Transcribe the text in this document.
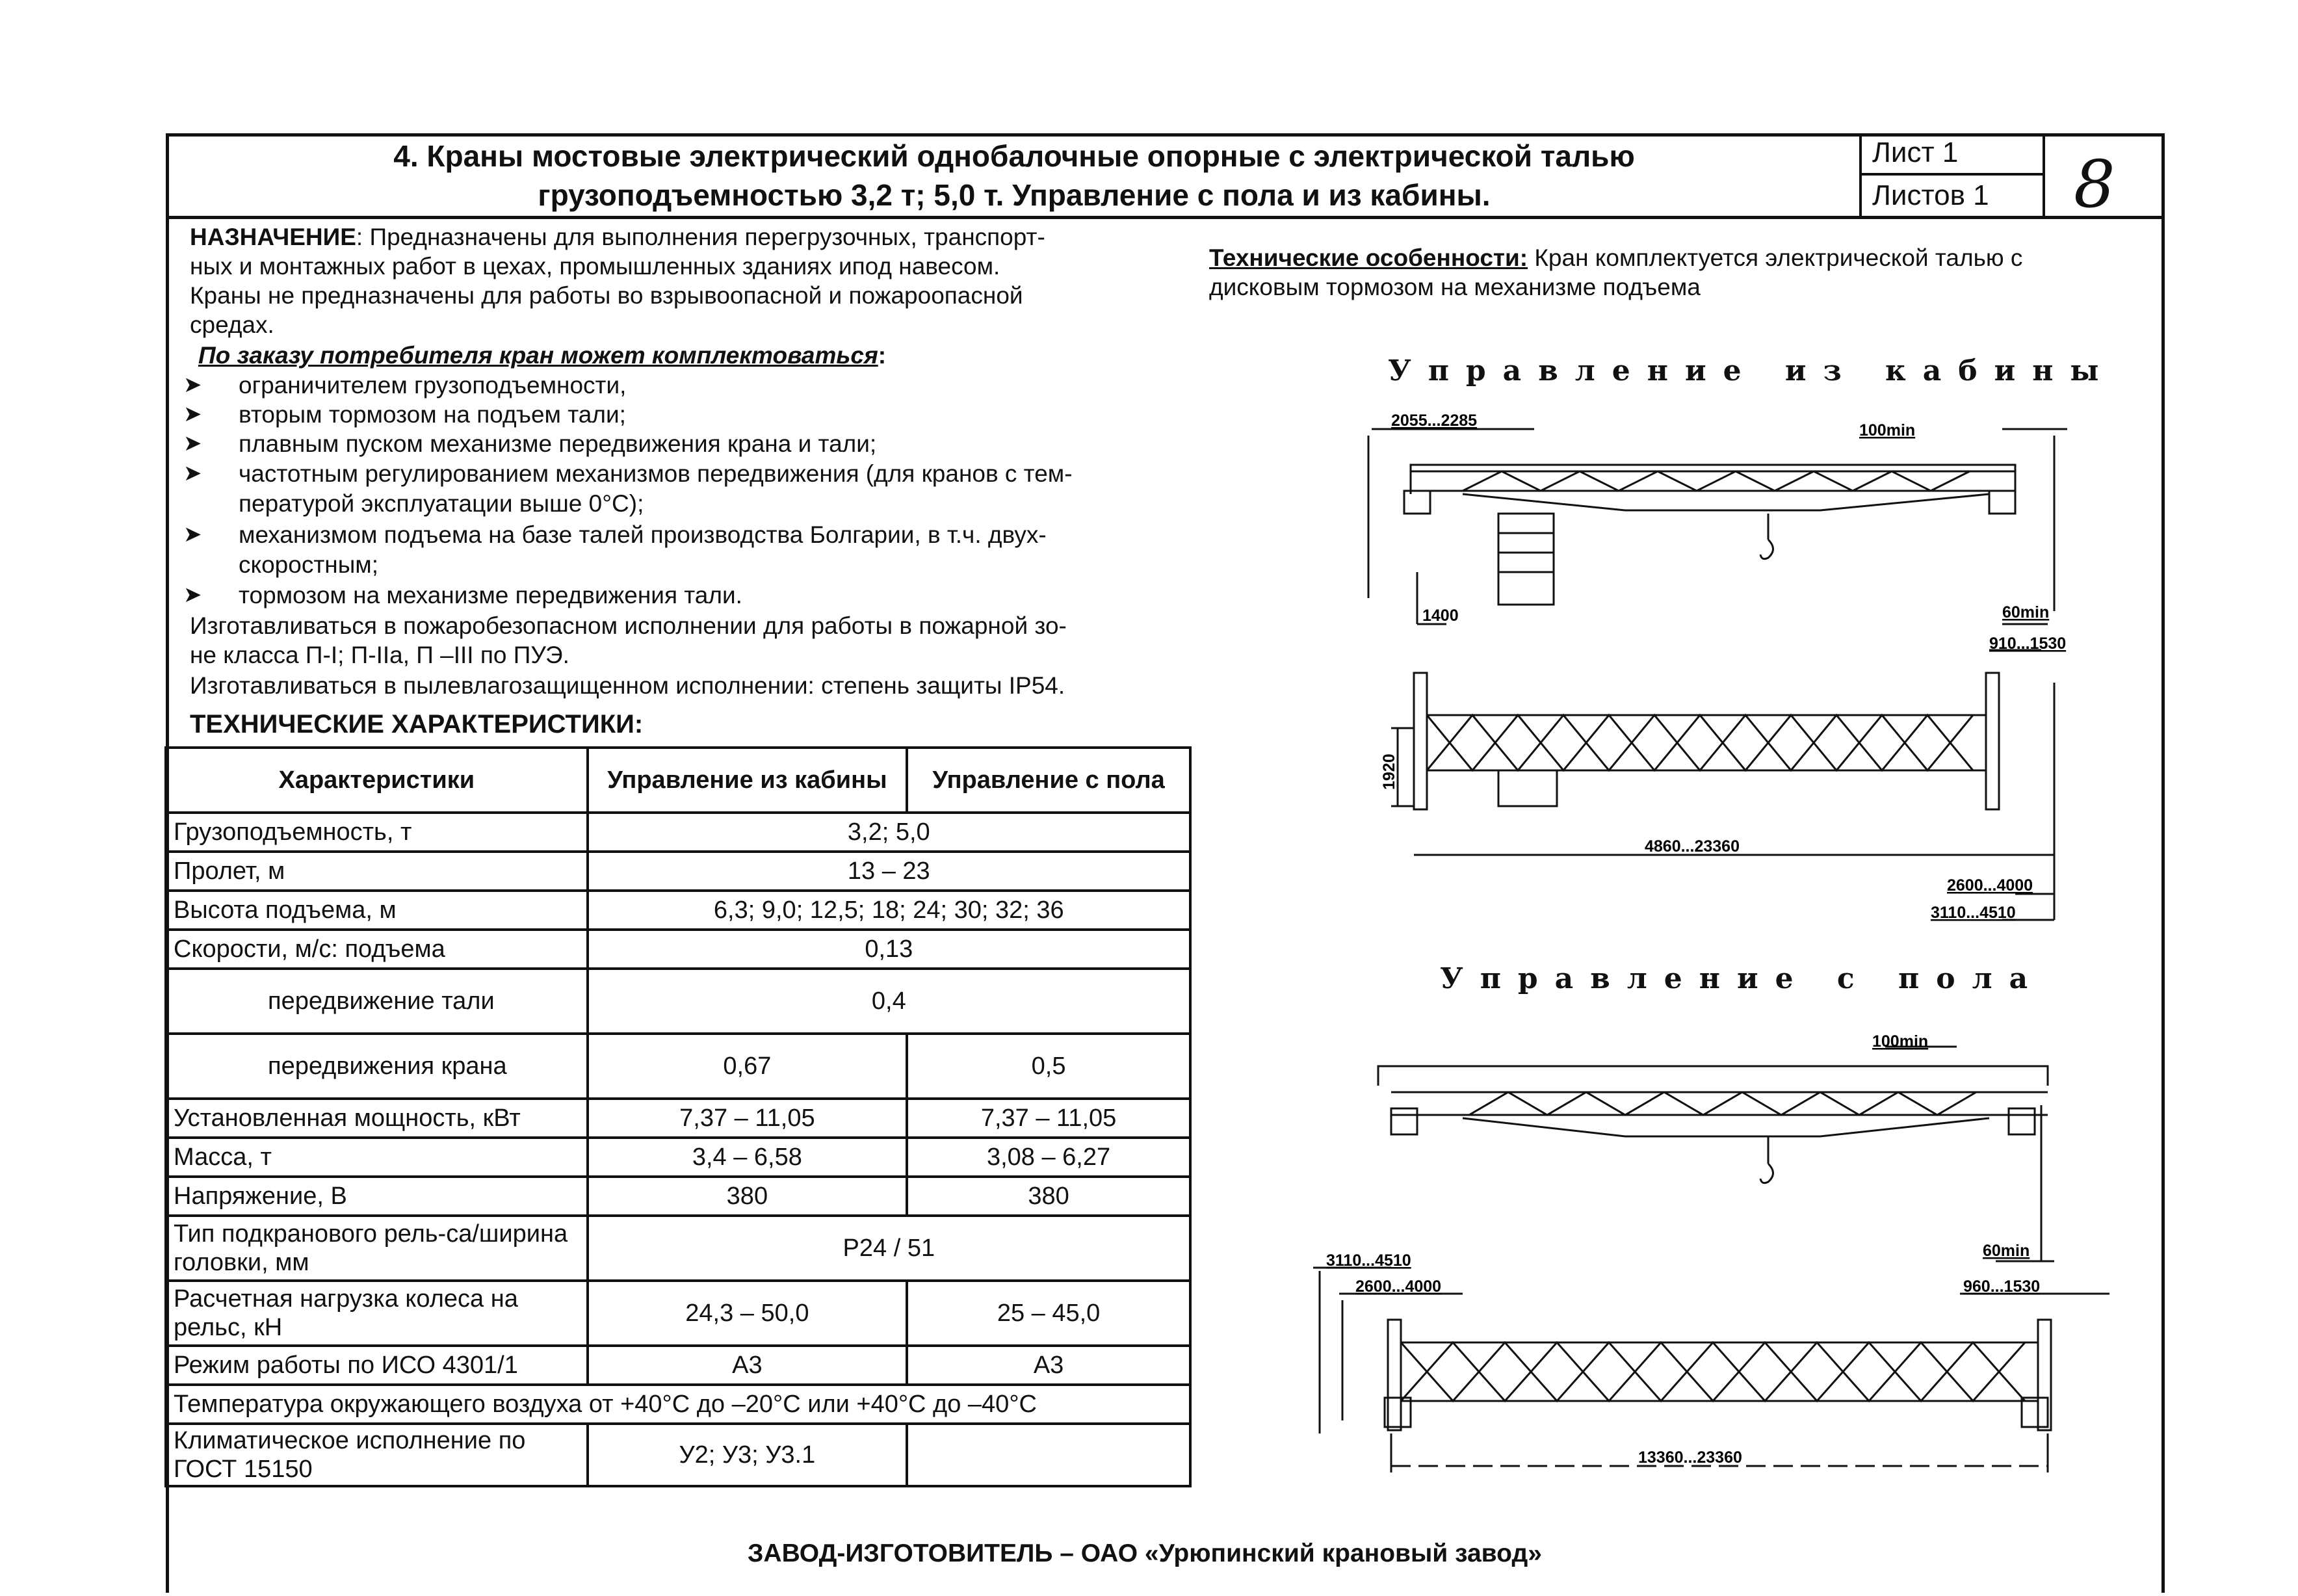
4. Краны мостовые электрический однобалочные опорные с электрической талью
грузоподъемностью 3,2 т; 5,0 т. Управление с пола и из кабины.
Лист 1
Листов 1 8
НАЗНАЧЕНИЕ: Предназначены для выполнения перегрузочных, транспорт-
ных и монтажных работ в цехах, промышленных зданиях ипод навесом.
Краны не предназначены для работы во взрывоопасной и пожароопасной
средах.
По заказу потребителя кран может комплектоваться:
➤ ограничителем грузоподъемности,
➤ вторым тормозом на подъем тали;
➤ плавным пуском механизме передвижения крана и тали;
➤ частотным регулированием механизмов передвижения (для кранов с тем-
пературой эксплуатации выше 0°С);
➤ механизмом подъема на базе талей производства Болгарии, в т.ч. двух-
скоростным;
➤ тормозом на механизме передвижения тали.
Изготавливаться в пожаробезопасном исполнении для работы в пожарной зо-
не класса П-I; П-IIа, П –III по ПУЭ.
Изготавливаться в пылевлагозащищенном исполнении: степень защиты IP54.
ТЕХНИЧЕСКИЕ ХАРАКТЕРИСТИКИ:
Характеристики	Управление из кабины	Управление с пола
Грузоподъемность, т	3,2; 5,0	
Пролет, м	13 – 23	
Высота подъема, м	6,3; 9,0; 12,5; 18; 24; 30; 32; 36	
Скорости, м/с: подъема	0,13	
передвижение тали	0,4	
передвижения крана	0,67	0,5
Установленная мощность, кВт	7,37 – 11,05	7,37 – 11,05
Масса, т	3,4 – 6,58	3,08 – 6,27
Напряжение, В	380	380
Тип подкранового рель-са/ширина головки, мм	Р24 / 51	
Расчетная нагрузка колеса на рельс, кН	24,3 – 50,0	25 – 45,0
Режим работы по ИСО 4301/1	А3	А3
Температура окружающего воздуха от +40°С до –20°С или +40°С до –40°С		
Климатическое исполнение по ГОСТ 15150	У2; У3; У3.1	
Технические особенности: Кран комплектуется электрической талью с
дисковым тормозом на механизме подъема
Управление из кабины
Управление с пола
2055...2285
100min
1400	60min
910...1530
1920
4860...23360
2600...4000
3110...4510
100min
60min
3110...4510
2600...4000	960...1530
13360...23360
ЗАВОД-ИЗГОТОВИТЕЛЬ – ОАО «Урюпинский крановый завод»
